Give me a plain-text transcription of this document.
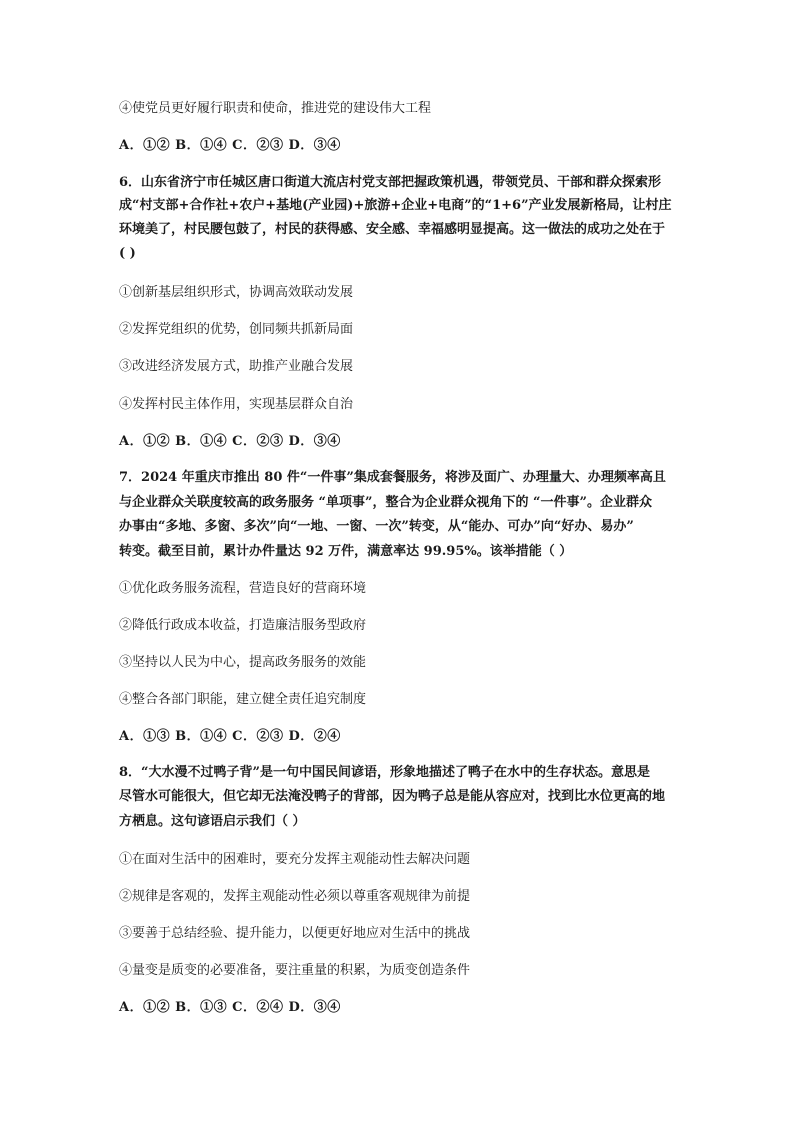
④使党员更好履行职责和使命，推进党的建设伟大工程
A．①② B．①④ C．②③ D．③④
6．山东省济宁市任城区唐口街道大流店村党支部把握政策机遇，带领党员、干部和群众探索形
成“村支部+合作社+农户+基地(产业园)+旅游+企业+电商”的“1+6”产业发展新格局，让村庄
环境美了，村民腰包鼓了，村民的获得感、安全感、幸福感明显提高。这一做法的成功之处在于
( )
①创新基层组织形式，协调高效联动发展
②发挥党组织的优势，创同频共抓新局面
③改进经济发展方式，助推产业融合发展
④发挥村民主体作用，实现基层群众自治
A．①② B．①④ C．②③ D．③④
7．2024 年重庆市推出 80 件“一件事”集成套餐服务，将涉及面广、办理量大、办理频率高且
与企业群众关联度较高的政务服务 “单项事”，整合为企业群众视角下的 “一件事”。企业群众
办事由“多地、多窗、多次”向“一地、一窗、一次”转变，从“能办、可办”向“好办、易办”
转变。截至目前，累计办件量达 92 万件，满意率达 99.95%。该举措能（ ）
①优化政务服务流程，营造良好的营商环境
②降低行政成本收益，打造廉洁服务型政府
③坚持以人民为中心，提高政务服务的效能
④整合各部门职能，建立健全责任追究制度
A．①③ B．①④ C．②③ D．②④
8．“大水漫不过鸭子背”是一句中国民间谚语，形象地描述了鸭子在水中的生存状态。意思是
尽管水可能很大，但它却无法淹没鸭子的背部，因为鸭子总是能从容应对，找到比水位更高的地
方栖息。这句谚语启示我们（ ）
①在面对生活中的困难时，要充分发挥主观能动性去解决问题
②规律是客观的，发挥主观能动性必须以尊重客观规律为前提
③要善于总结经验、提升能力，以便更好地应对生活中的挑战
④量变是质变的必要准备，要注重量的积累，为质变创造条件
A．①② B．①③ C．②④ D．③④
